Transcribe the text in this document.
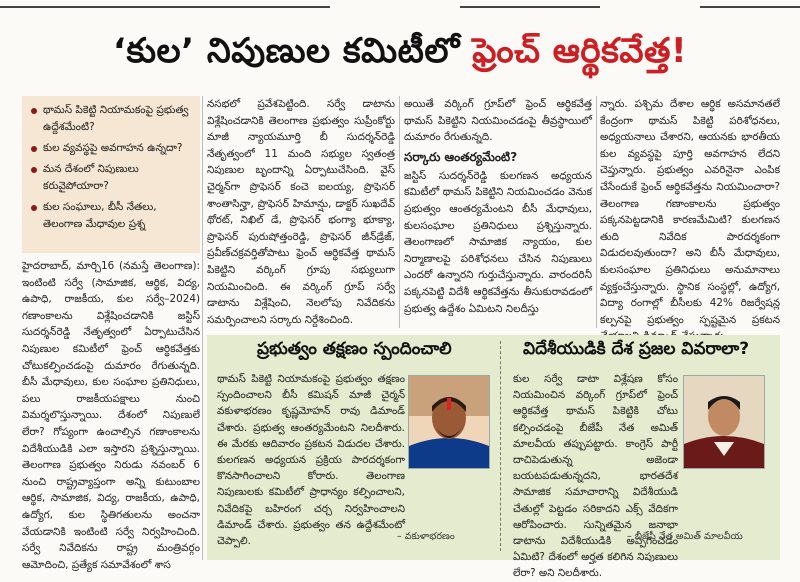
‘కుల’ నిపుణుల కమిటీలో ఫ్రెంచ్ ఆర్థికవేత్త!
థామస్ పికెట్టి నియామకంపై ప్రభుత్వ ఉద్దేశమేంటి?
కుల వ్యవస్థపై అవగాహన ఉన్నదా?
మన దేశంలో నిపుణులు కరువైపోయారా?
కుల సంఘాలు, బీసీ నేతలు, తెలంగాణ మేధావుల ప్రశ్న

హైదరాబాద్, మార్చి16 (నమస్తే తెలంగాణ): ఇంటింటి సర్వే (సామాజిక, ఆర్థిక, విద్య, ఉపాధి, రాజకీయ, కుల సర్వే–2024) గణాంకాలను విశ్లేషించడానికి జస్టిస్ సుదర్శన్‌రెడ్డి నేతృత్వంలో ఏర్పాటుచేసిన నిపుణుల కమిటీలో ఫ్రెంచ్ ఆర్థికవేత్తకు చోటుకల్పించడంపై దుమారం రేగుతున్నది. బీసీ మేధావులు, కుల సంఘాల ప్రతినిధులు, పలు రాజకీయపక్షాలు నుంచి విమర్శలొస్తున్నాయి. దేశంలో నిపుణులే లేరా? గోప్యంగా ఉంచాల్సిన గణాంకాలను విదేశీయుడికి ఎలా ఇస్తారని ప్రశ్నిస్తున్నాయి. తెలంగాణ ప్రభుత్వం నిరుడు నవంబర్ 6 నుంచి రాష్ట్రవ్యాప్తంగా అన్ని కుటుంబాల ఆర్థిక, సామాజిక, విద్య, రాజకీయ, ఉపాధి, ఉద్యోగ, కుల స్థితిగతులను అంచనా వేయడానికి ఇంటింటి సర్వే నిర్వహించింది. సర్వే నివేదికను రాష్ట్ర మంత్రివర్గం ఆమోదించి, ప్రత్యేక సమావేశంలో శాస

నసభలో ప్రవేశపెట్టింది. సర్వే డాటాను విశ్లేషించడానికి తెలంగాణ ప్రభుత్వం సుప్రీంకోర్టు మాజీ న్యాయమూర్తి బీ సుదర్శన్‌రెడ్డి నేతృత్వంలో 11 మంది సభ్యుల స్వతంత్ర నిపుణుల బృందాన్ని ఏర్పాటుచేసింది. వైస్ చైర్మన్‌గా ప్రొఫెసర్ కంచె ఐలయ్య, ప్రొఫెసర్ శాంతాసిన్హా, ప్రొఫెసర్ హిమాన్షు, డాక్టర్ సుఖదేవ్ థోరట్, నిఖిల్ డే, ప్రొఫెసర్ భంగ్యా భూక్యా, ప్రొఫెసర్ పురుషోత్తంరెడ్డి, ప్రొఫెసర్ జీన్‌డ్రేజ్, ప్రవీణ్‌చక్రవర్తితోపాటు ఫ్రెంచ్ ఆర్థికవేత్త థామస్ పికెట్టిని వర్కింగ్ గ్రూపు సభ్యులుగా నియమించింది. ఈ వర్కింగ్ గ్రూప్ సర్వే డాటాను విశ్లేషించి, నెలలోపు నివేదికను సమర్పించాలని సర్కారు నిర్దేశించింది.

అయితే వర్కింగ్ గ్రూప్‌లో ఫ్రెంచ్ ఆర్థికవేత్త థామస్ పికెట్టిని నియమించడంపై తీవ్రస్థాయిలో దుమారం రేగుతున్నది.

సర్కారు ఆంతర్యమేంటి?

జస్టిస్ సుదర్శన్‌రెడ్డి కులగణన అధ్యయన కమిటీలో థామస్ పికెట్టిని నియమించడం వెనుక ప్రభుత్వం ఆంతర్యమేంటని బీసీ మేధావులు, కులసంఘాల ప్రతినిధులు ప్రశ్నిస్తున్నారు. తెలంగాణలో సామాజిక న్యాయం, కుల నిర్మాణాలపై పరిశోధనలు చేసిన నిపుణులు ఎందరో ఉన్నారని గుర్తుచేస్తున్నారు. వారందరినీ పక్కనపెట్టి విదేశీ ఆర్థికవేత్తను తీసుకురావడంలో ప్రభుత్వ ఉద్దేశం ఏమిటని నిలదీస్తు

న్నారు. పశ్చిమ దేశాల ఆర్థిక అసమానతలే కేంద్రంగా థామస్ పికెట్టి పరిశోధనలు, అధ్యయనాలు చేశారని, ఆయనకు భారతీయ కుల వ్యవస్థపై పూర్తి అవగాహన లేదని చెప్తున్నారు. ప్రభుత్వం ఎవరినైనా ఎంపిక చేసేందుకే ఫ్రెంచ్ ఆర్థికవేత్తను నియమించారా? తెలంగాణ గణాంకాలను ప్రభుత్వం పక్కనపెట్టడానికి కారణమేమిటి? కులగణన తుది నివేదిక పారదర్శకంగా విడుదలవుతుందా? అని బీసీ మేధావులు, కులసంఘాల ప్రతినిధులు అనుమానాలు వ్యక్తంచేస్తున్నారు. స్థానిక సంస్థల్లో, ఉద్యోగ, విద్యా రంగాల్లో బీసీలకు 42% రిజర్వేషన్ల కల్పనపై ప్రభుత్వం స్పష్టమైన ప్రకటన

ప్రభుత్వం తక్షణం స్పందించాలి
థామస్ పికెట్టి నియామకంపై ప్రభుత్వం తక్షణం స్పందించాలని బీసీ కమిషన్ మాజీ చైర్మన్ వకుళాభరణం కృష్ణమోహన్ రావు డిమాండ్ చేశారు. ప్రభుత్వ ఆంతర్యమేంటని నిలదీశారు. ఈ మేరకు ఆదివారం ప్రకటన విడుదల చేశారు. కులగణన అధ్యయన ప్రక్రియ పారదర్శకంగా కొనసాగించాలని కోరారు. తెలంగాణ నిపుణులకు కమిటీలో ప్రాధాన్యం కల్పించాలని, నివేదికపై బహిరంగ చర్చ నిర్వహించాలని డిమాండ్ చేశారు. ప్రభుత్వం తన ఉద్దేశమేంటో చెప్పాలి.	– వకుళాభరణం
విదేశీయుడికి దేశ ప్రజల వివరాలా?
కుల సర్వే డాటా విశ్లేషణ కోసం నియమించిన వర్కింగ్ గ్రూప్‌లో ఫ్రెంచ్ ఆర్థికవేత్త థామస్ పికెట్టికి చోటు కల్పించడంపై బీజేపీ నేత అమిత్ మాలవీయ తప్పుపట్టారు. కాంగ్రెస్ పార్టీ దాచిపెడుతున్న అజెండా బయటపడుతున్నదని, భారతదేశ సామాజిక సమాచారాన్ని విదేశీయుడి చేతుల్లో పెట్టడం సరికాదని ఎక్స్ వేదికగా ఆరోపించారు. సున్నితమైన జనాభా డాటాను విదేశీయుడికి అప్పగించడం ఏమిటి? దేశంలో అర్హత కలిగిన నిపుణులు లేరా? అని నిలదీశారు.
– బీజేపీ నేత అమిత్ మాలవీయ
